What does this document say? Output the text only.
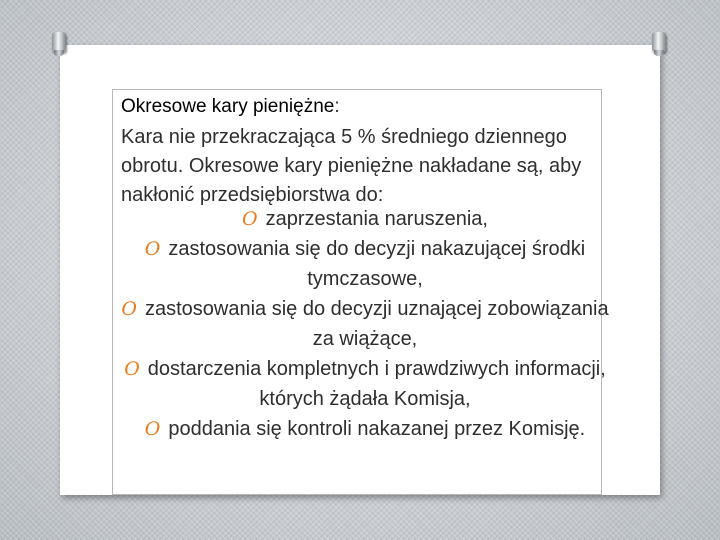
Okresowe kary pieniężne:

Kara nie przekraczająca 5 % średniego dziennego obrotu. Okresowe kary pieniężne nakładane są, aby nakłonić przedsiębiorstwa do:

O zaprzestania naruszenia,
O zastosowania się do decyzji nakazującej środki tymczasowe,
O zastosowania się do decyzji uznającej zobowiązania za wiążące,
O dostarczenia kompletnych i prawdziwych informacji, których żądała Komisja,
O poddania się kontroli nakazanej przez Komisję.
